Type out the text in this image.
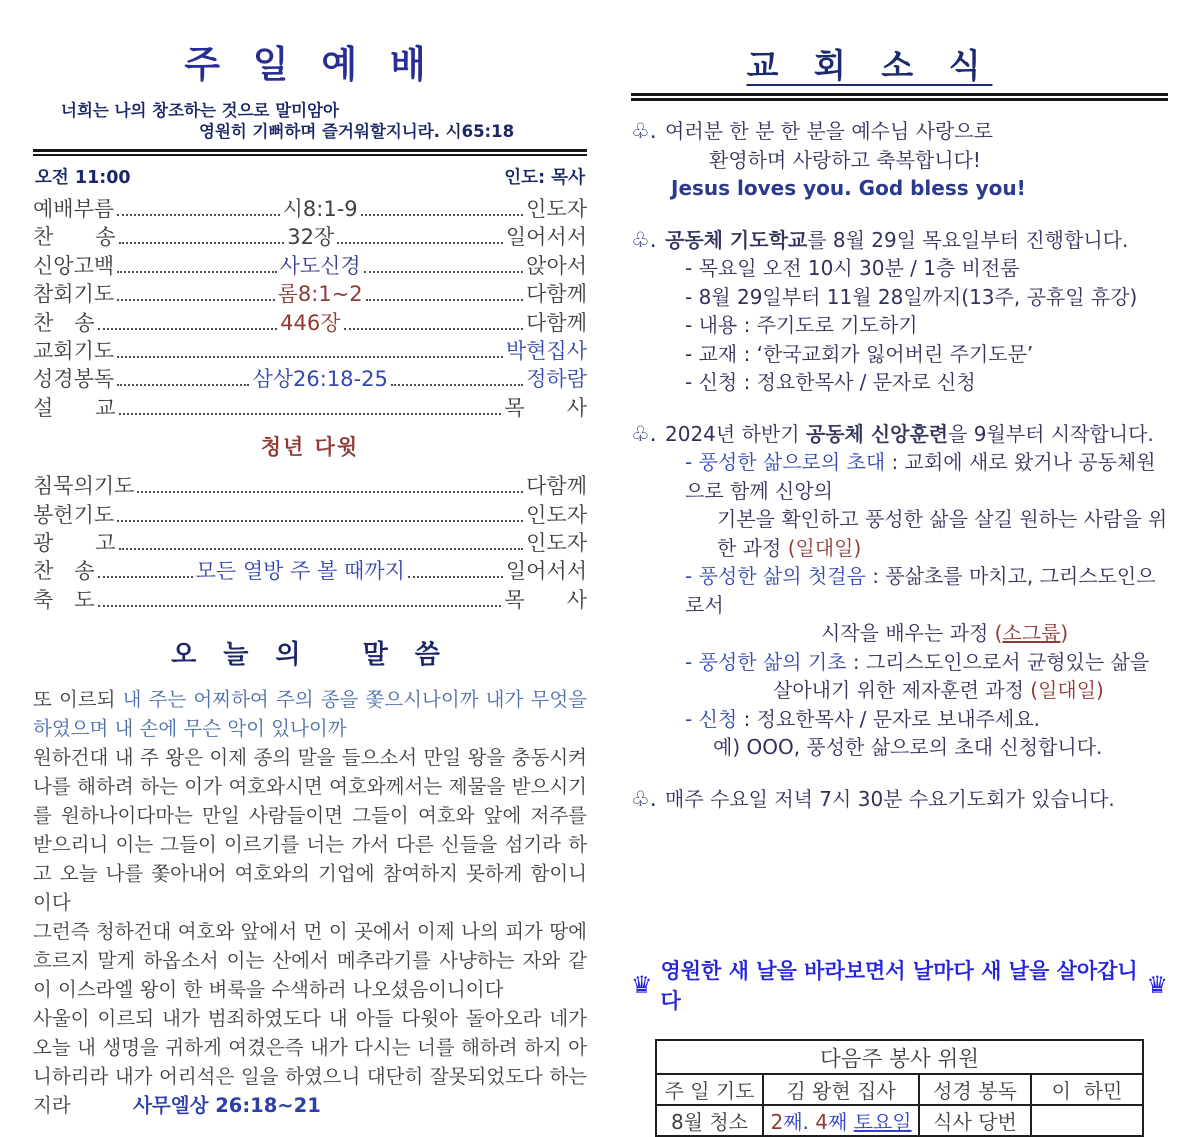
주 일 예 배
너희는 나의 창조하는 것으로 말미암아
영원히 기뻐하며 즐거워할지니라. 시65:18
오전 11:00	인도: 목사
예배부름	시8:1-9	인도자
찬　　송	32장	일어서서
신앙고백	사도신경	앉아서
참회기도	롬8:1~2	다함께
찬　송	446장	다함께
교회기도	박현집사
성경봉독	삼상26:18-25	정하람
설　　교	목　　사
청년 다윗
침묵의기도	다함께
봉헌기도	인도자
광　　고	인도자
찬　송	모든 열방 주 볼 때까지	일어서서
축　도	목　　사
오 늘 의　 말 씀

또 이르되 내 주는 어찌하여 주의 종을 쫓으시나이까 내가 무엇을 하였으며 내 손에 무슨 악이 있나이까

원하건대 내 주 왕은 이제 종의 말을 들으소서 만일 왕을 충동시켜 나를 해하려 하는 이가 여호와시면 여호와께서는 제물을 받으시기를 원하나이다마는 만일 사람들이면 그들이 여호와 앞에 저주를 받으리니 이는 그들이 이르기를 너는 가서 다른 신들을 섬기라 하고 오늘 나를 쫓아내어 여호와의 기업에 참여하지 못하게 함이니이다

그런즉 청하건대 여호와 앞에서 먼 이 곳에서 이제 나의 피가 땅에 흐르지 말게 하옵소서 이는 산에서 메추라기를 사냥하는 자와 같이 이스라엘 왕이 한 벼룩을 수색하러 나오셨음이니이다

사울이 이르되 내가 범죄하였도다 내 아들 다윗아 돌아오라 네가 오늘 내 생명을 귀하게 여겼은즉 내가 다시는 너를 해하려 하지 아니하리라 내가 어리석은 일을 하였으니 대단히 잘못되었도다 하는지라	사무엘상 26:18~21

교 회 소 식
♧. 여러분 한 분 한 분을 예수님 사랑으로
환영하며 사랑하고 축복합니다!
Jesus loves you. God bless you!
♧. 공동체 기도학교를 8월 29일 목요일부터 진행합니다.
- 목요일 오전 10시 30분 / 1층 비전룸
- 8월 29일부터 11월 28일까지(13주, 공휴일 휴강)
- 내용 : 주기도로 기도하기
- 교재 : ‘한국교회가 잃어버린 주기도문’
- 신청 : 정요한목사 / 문자로 신청
♧. 2024년 하반기 공동체 신앙훈련을 9월부터 시작합니다.
- 풍성한 삶으로의 초대 : 교회에 새로 왔거나 공동체원으로 함께 신앙의
기본을 확인하고 풍성한 삶을 살길 원하는 사람을 위한 과정 (일대일)
- 풍성한 삶의 첫걸음 : 풍삶초를 마치고, 그리스도인으로서
시작을 배우는 과정 (소그룹)
- 풍성한 삶의 기초 : 그리스도인으로서 균형있는 삶을
살아내기 위한 제자훈련 과정 (일대일)
- 신청 : 정요한목사 / 문자로 보내주세요.
예) OOO, 풍성한 삶으로의 초대 신청합니다.
♧. 매주 수요일 저녁 7시 30분 수요기도회가 있습니다.
♛ 영원한 새 날을 바라보면서 날마다 새 날을 살아갑니다
♛
다음주 봉사 위원			
주 일 기도	김 왕현 집사	성경 봉독	이  하민
8월 청소	2째. 4째 토요일	식사 당번	
